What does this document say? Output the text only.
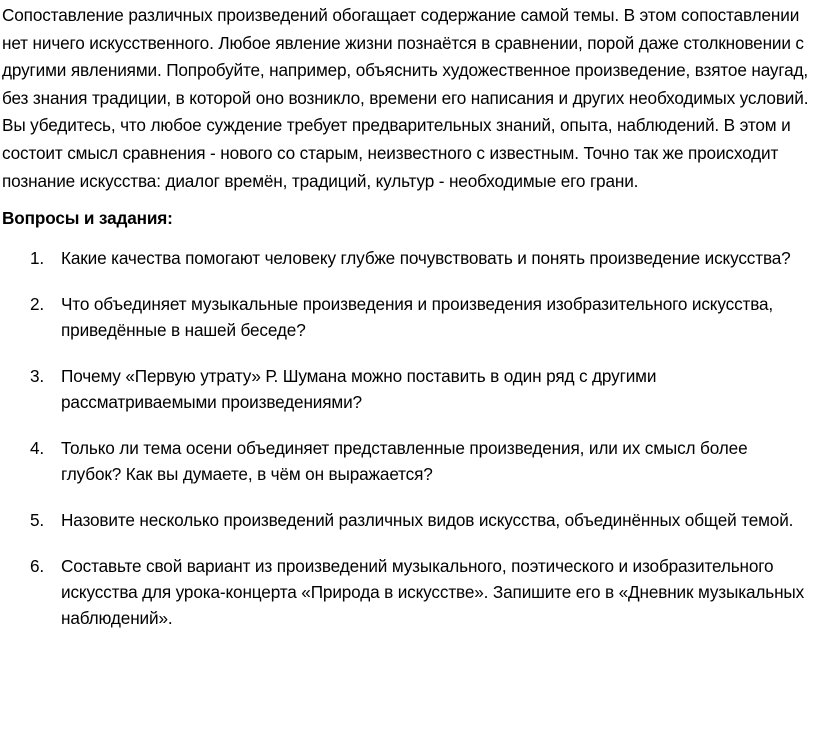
Сопоставление различных произведений обогащает содержание самой темы. В этом сопоставлении нет ничего искусственного. Любое явление жизни познаётся в сравнении, порой даже столкновении с другими явлениями. Попробуйте, например, объяснить художественное произведение, взятое наугад, без знания традиции, в которой оно возникло, времени его написания и других необходимых условий. Вы убедитесь, что любое суждение требует предварительных знаний, опыта, наблюдений. В этом и состоит смысл сравнения - нового со старым, неизвестного с известным. Точно так же происходит познание искусства: диалог времён, традиций, культур - необходимые его грани.

Вопросы и задания:

1. Какие качества помогают человеку глубже почувствовать и понять произведение искусства?
2. Что объединяет музыкальные произведения и произведения изобразительного искусства, приведённые в нашей беседе?
3. Почему «Первую утрату» Р. Шумана можно поставить в один ряд с другими рассматриваемыми произведениями?
4. Только ли тема осени объединяет представленные произведения, или их смысл более глубок? Как вы думаете, в чём он выражается?
5. Назовите несколько произведений различных видов искусства, объединённых общей темой.
6. Составьте свой вариант из произведений музыкального, поэтического и изобразительного искусства для урока-концерта «Природа в искусстве». Запишите его в «Дневник музыкальных наблюдений».
